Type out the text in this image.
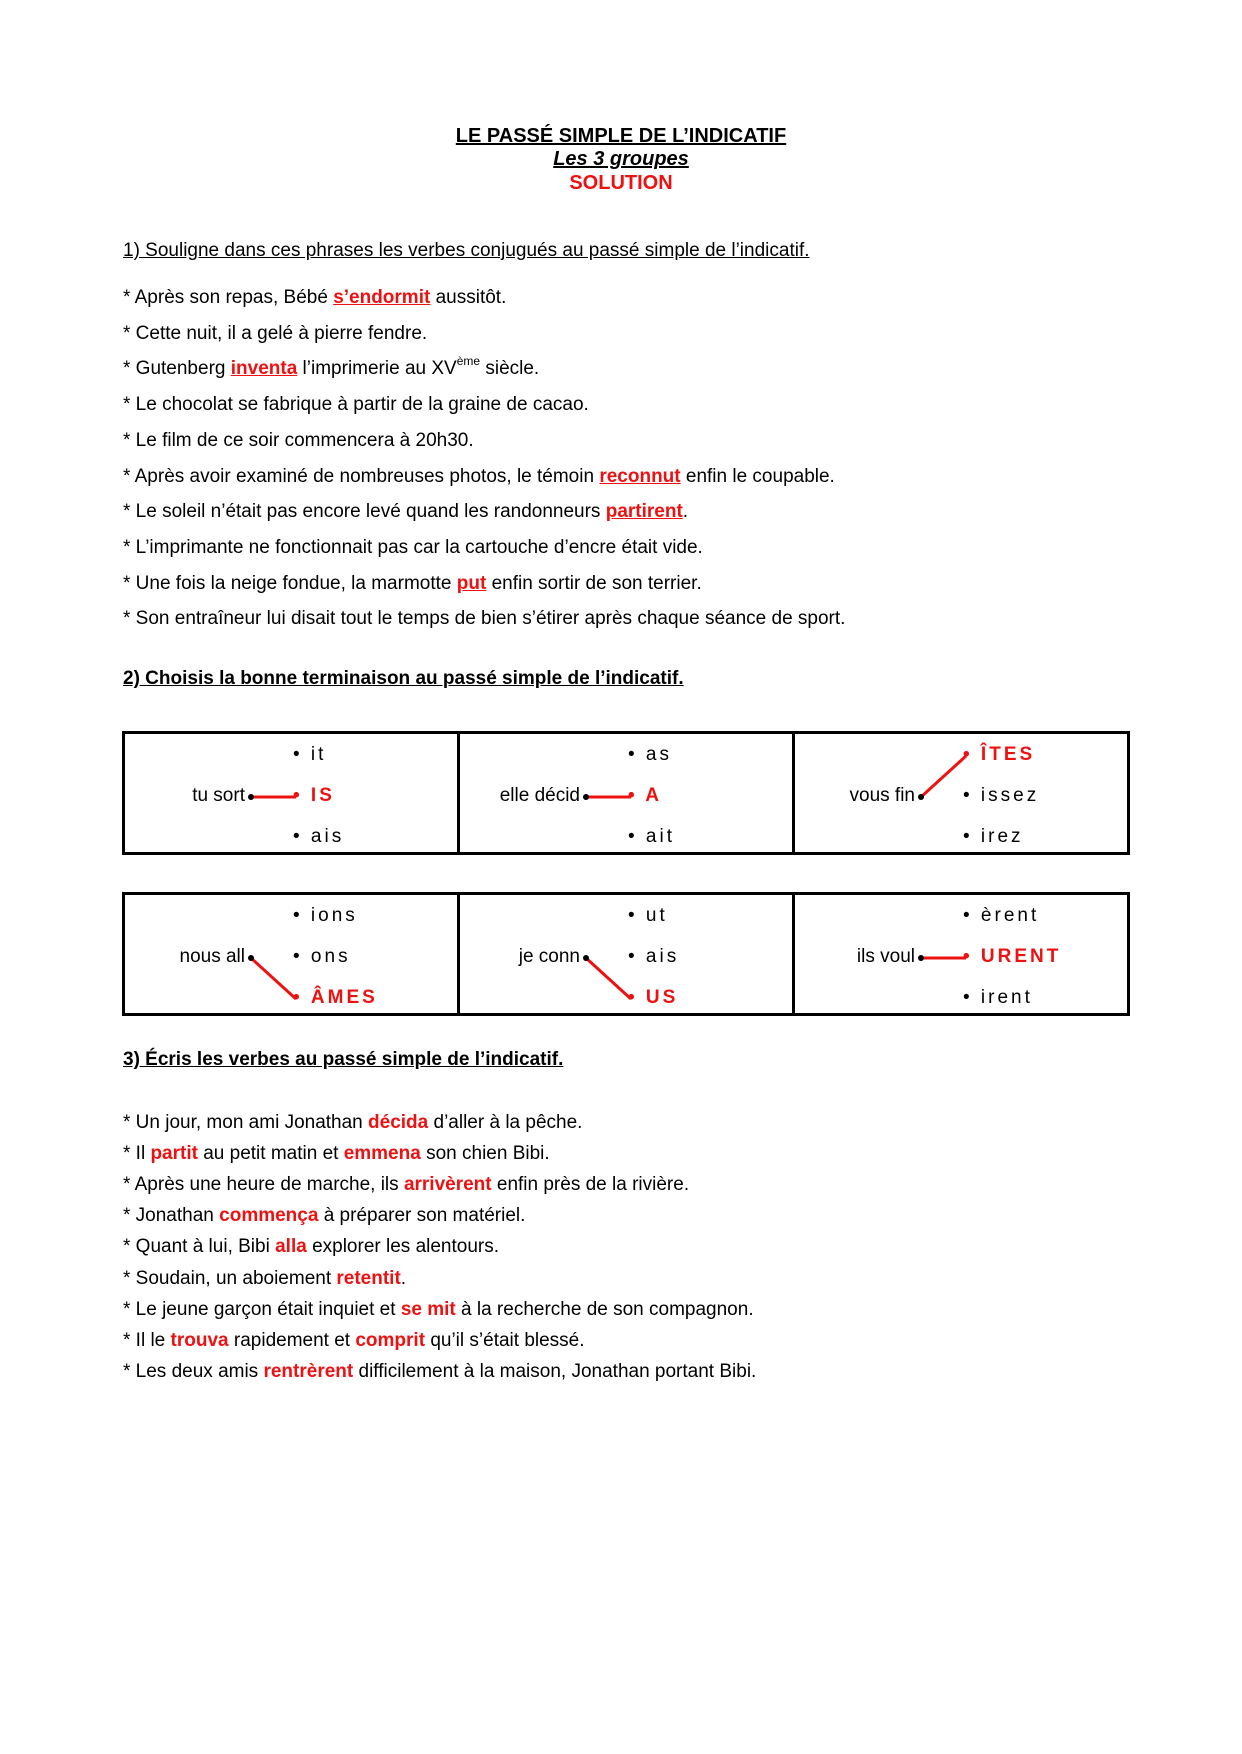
LE PASSÉ SIMPLE DE L’INDICATIF
Les 3 groupes
SOLUTION
1) Souligne dans ces phrases les verbes conjugués au passé simple de l’indicatif.
* Après son repas, Bébé s’endormit aussitôt.
* Cette nuit, il a gelé à pierre fendre.
* Gutenberg inventa l’imprimerie au XVème siècle.
* Le chocolat se fabrique à partir de la graine de cacao.
* Le film de ce soir commencera à 20h30.
* Après avoir examiné de nombreuses photos, le témoin reconnut enfin le coupable.
* Le soleil n’était pas encore levé quand les randonneurs partirent.
* L’imprimante ne fonctionnait pas car la cartouche d’encre était vide.
* Une fois la neige fondue, la marmotte put enfin sortir de son terrier.
* Son entraîneur lui disait tout le temps de bien s’étirer après chaque séance de sport.
2) Choisis la bonne terminaison au passé simple de l’indicatif.
tu sort
• it
• IS
• ais

elle décid
• as
• A
• ait

vous fin
• ÎTES
• issez
• irez
nous all
• ions
• ons
• ÂMES

je conn
• ut
• ais
• US

ils voul
• èrent
• URENT
• irent
3) Écris les verbes au passé simple de l’indicatif.
* Un jour, mon ami Jonathan décida d’aller à la pêche.
* Il partit au petit matin et emmena son chien Bibi.
* Après une heure de marche, ils arrivèrent enfin près de la rivière.
* Jonathan commença à préparer son matériel.
* Quant à lui, Bibi alla explorer les alentours.
* Soudain, un aboiement retentit.
* Le jeune garçon était inquiet et se mit à la recherche de son compagnon.
* Il le trouva rapidement et comprit qu’il s’était blessé.
* Les deux amis rentrèrent difficilement à la maison, Jonathan portant Bibi.
